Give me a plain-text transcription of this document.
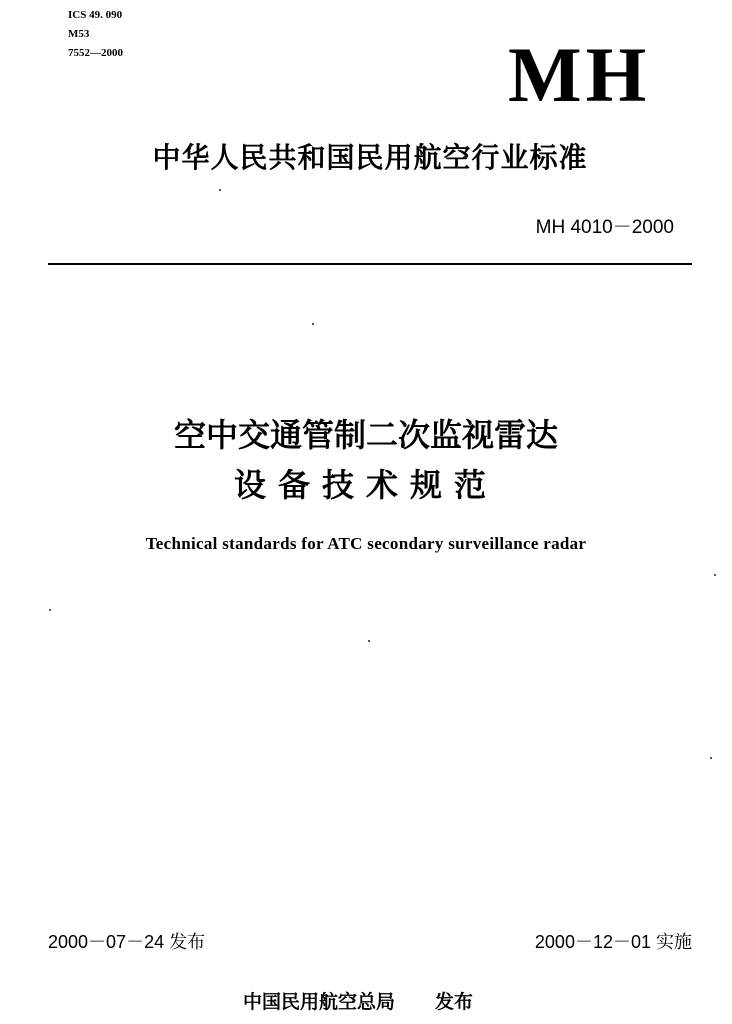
ICS 49. 090
M53
7552—2000	MH
中华人民共和国民用航空行业标准
MH 4010－2000
空中交通管制二次监视雷达
设备技术规范
Technical standards for ATC secondary surveillance radar
2000－07－24 发布	2000－12－01 实施
中国民用航空总局 发布
